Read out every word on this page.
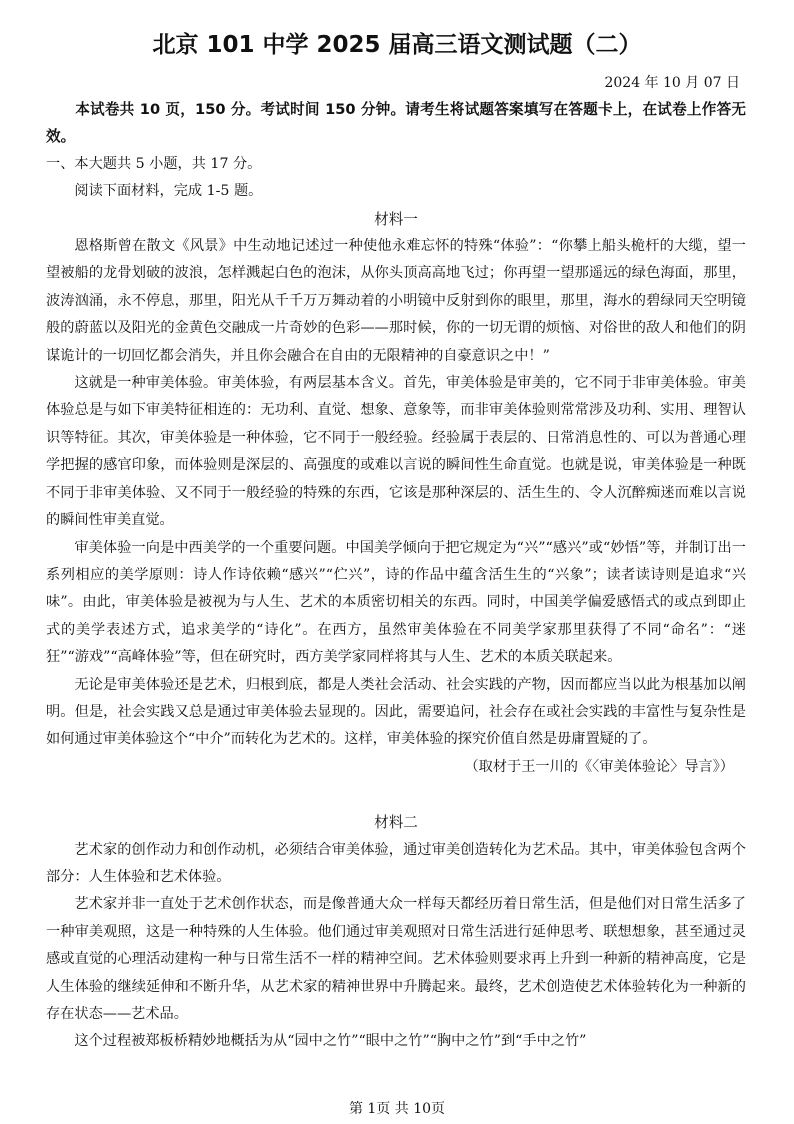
北京 101 中学 2025 届高三语文测试题（二）
2024 年 10 月 07 日

本试卷共 10 页，150 分。考试时间 150 分钟。请考生将试题答案填写在答题卡上，在试卷上作答无效。

一、本大题共 5 小题，共 17 分。

阅读下面材料，完成 1-5 题。

材料一

恩格斯曾在散文《风景》中生动地记述过一种使他永难忘怀的特殊“体验”：“你攀上船头桅杆的大缆，望一望被船的龙骨划破的波浪，怎样溅起白色的泡沫，从你头顶高高地飞过；你再望一望那遥远的绿色海面，那里，波涛汹涌，永不停息，那里，阳光从千千万万舞动着的小明镜中反射到你的眼里，那里，海水的碧绿同天空明镜般的蔚蓝以及阳光的金黄色交融成一片奇妙的色彩——那时候，你的一切无谓的烦恼、对俗世的敌人和他们的阴谋诡计的一切回忆都会消失，并且你会融合在自由的无限精神的自豪意识之中！”

这就是一种审美体验。审美体验，有两层基本含义。首先，审美体验是审美的，它不同于非审美体验。审美体验总是与如下审美特征相连的：无功利、直觉、想象、意象等，而非审美体验则常常涉及功利、实用、理智认识等特征。其次，审美体验是一种体验，它不同于一般经验。经验属于表层的、日常消息性的、可以为普通心理学把握的感官印象，而体验则是深层的、高强度的或难以言说的瞬间性生命直觉。也就是说，审美体验是一种既不同于非审美体验、又不同于一般经验的特殊的东西，它该是那种深层的、活生生的、令人沉醉痴迷而难以言说的瞬间性审美直觉。

审美体验一向是中西美学的一个重要问题。中国美学倾向于把它规定为“兴”“感兴”或“妙悟”等，并制订出一系列相应的美学原则：诗人作诗依赖“感兴”“伫兴”，诗的作品中蕴含活生生的“兴象”；读者读诗则是追求“兴味”。由此，审美体验是被视为与人生、艺术的本质密切相关的东西。同时，中国美学偏爱感悟式的或点到即止式的美学表述方式，追求美学的“诗化”。在西方，虽然审美体验在不同美学家那里获得了不同“命名”：“迷狂”“游戏”“高峰体验”等，但在研究时，西方美学家同样将其与人生、艺术的本质关联起来。

无论是审美体验还是艺术，归根到底，都是人类社会活动、社会实践的产物，因而都应当以此为根基加以阐明。但是，社会实践又总是通过审美体验去显现的。因此，需要追问，社会存在或社会实践的丰富性与复杂性是如何通过审美体验这个“中介”而转化为艺术的。这样，审美体验的探究价值自然是毋庸置疑的了。

（取材于王一川的《〈审美体验论〉导言》）

材料二

艺术家的创作动力和创作动机，必须结合审美体验，通过审美创造转化为艺术品。其中，审美体验包含两个部分：人生体验和艺术体验。

艺术家并非一直处于艺术创作状态，而是像普通大众一样每天都经历着日常生活，但是他们对日常生活多了一种审美观照，这是一种特殊的人生体验。他们通过审美观照对日常生活进行延伸思考、联想想象，甚至通过灵感或直觉的心理活动建构一种与日常生活不一样的精神空间。艺术体验则要求再上升到一种新的精神高度，它是人生体验的继续延伸和不断升华，从艺术家的精神世界中升腾起来。最终，艺术创造使艺术体验转化为一种新的存在状态——艺术品。

这个过程被郑板桥精妙地概括为从“园中之竹”“眼中之竹”“胸中之竹”到“手中之竹”

第 1页 共 10页
